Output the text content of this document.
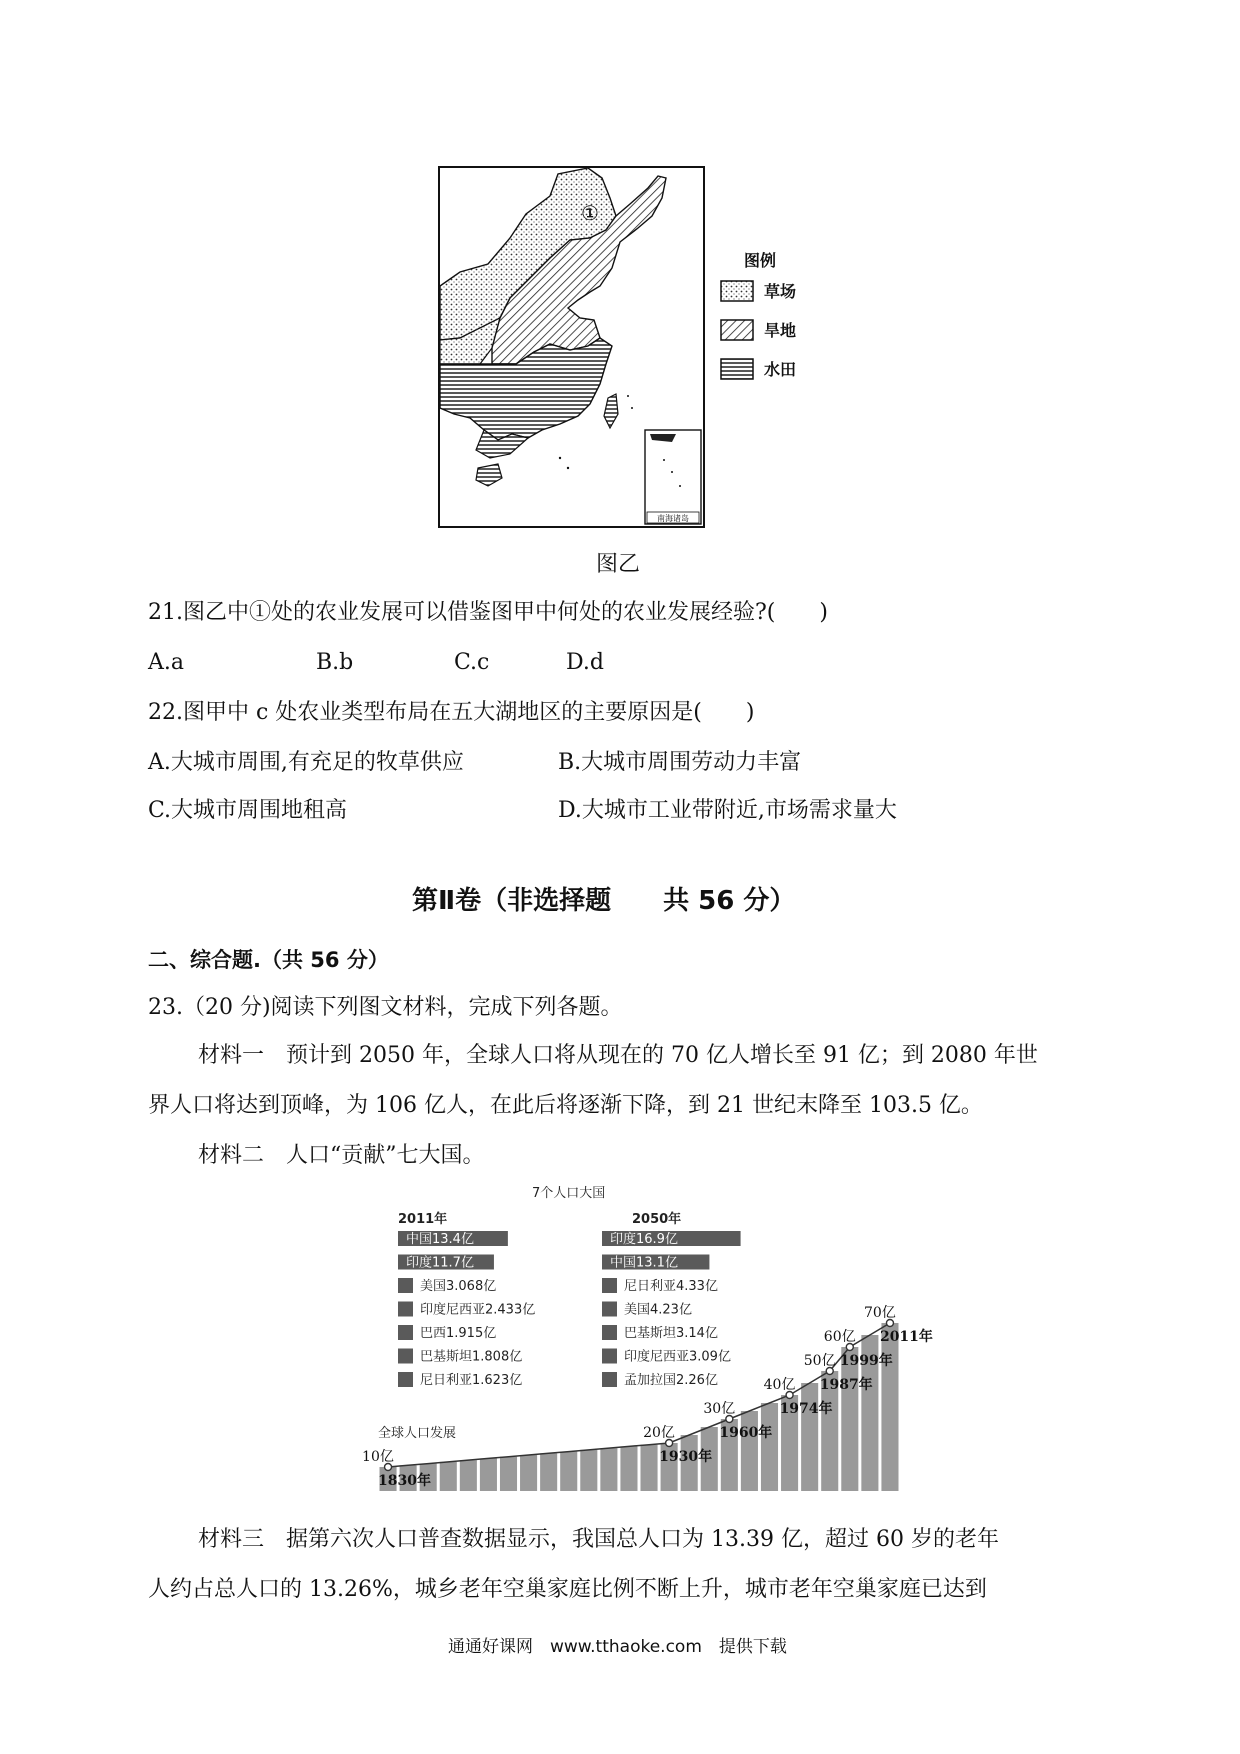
南海诸岛
①
图例
草场
旱地
水田
图乙
21.图乙中①处的农业发展可以借鉴图甲中何处的农业发展经验?(　　)
A.a	B.b	C.c	D.d
22.图甲中 c 处农业类型布局在五大湖地区的主要原因是(　　)
A.大城市周围,有充足的牧草供应	B.大城市周围劳动力丰富
C.大城市周围地租高	D.大城市工业带附近,市场需求量大
第Ⅱ卷（非选择题　　共 56 分）
二、综合题.（共 56 分）
23.（20 分)阅读下列图文材料，完成下列各题。
材料一　预计到 2050 年，全球人口将从现在的 70 亿人增长至 91 亿；到 2080 年世
界人口将达到顶峰，为 106 亿人，在此后将逐渐下降，到 21 世纪末降至 103.5 亿。
材料二　人口“贡献”七大国。
中国13.4亿
印度11.7亿
美国3.068亿
印度尼西亚2.433亿
巴西1.915亿
巴基斯坦1.808亿
尼日利亚1.623亿
印度16.9亿
中国13.1亿
尼日利亚4.33亿
美国4.23亿
巴基斯坦3.14亿
印度尼西亚3.09亿
孟加拉国2.26亿
10亿
1830年
20亿
1930年
30亿
1960年
40亿
1974年
50亿
1987年
60亿
1999年
70亿
2011年
7个人口大国
2011年	2050年
全球人口发展
材料三　据第六次人口普查数据显示，我国总人口为 13.39 亿，超过 60 岁的老年
人约占总人口的 13.26%，城乡老年空巢家庭比例不断上升，城市老年空巢家庭已达到
通通好课网　www.tthaoke.com　提供下载
